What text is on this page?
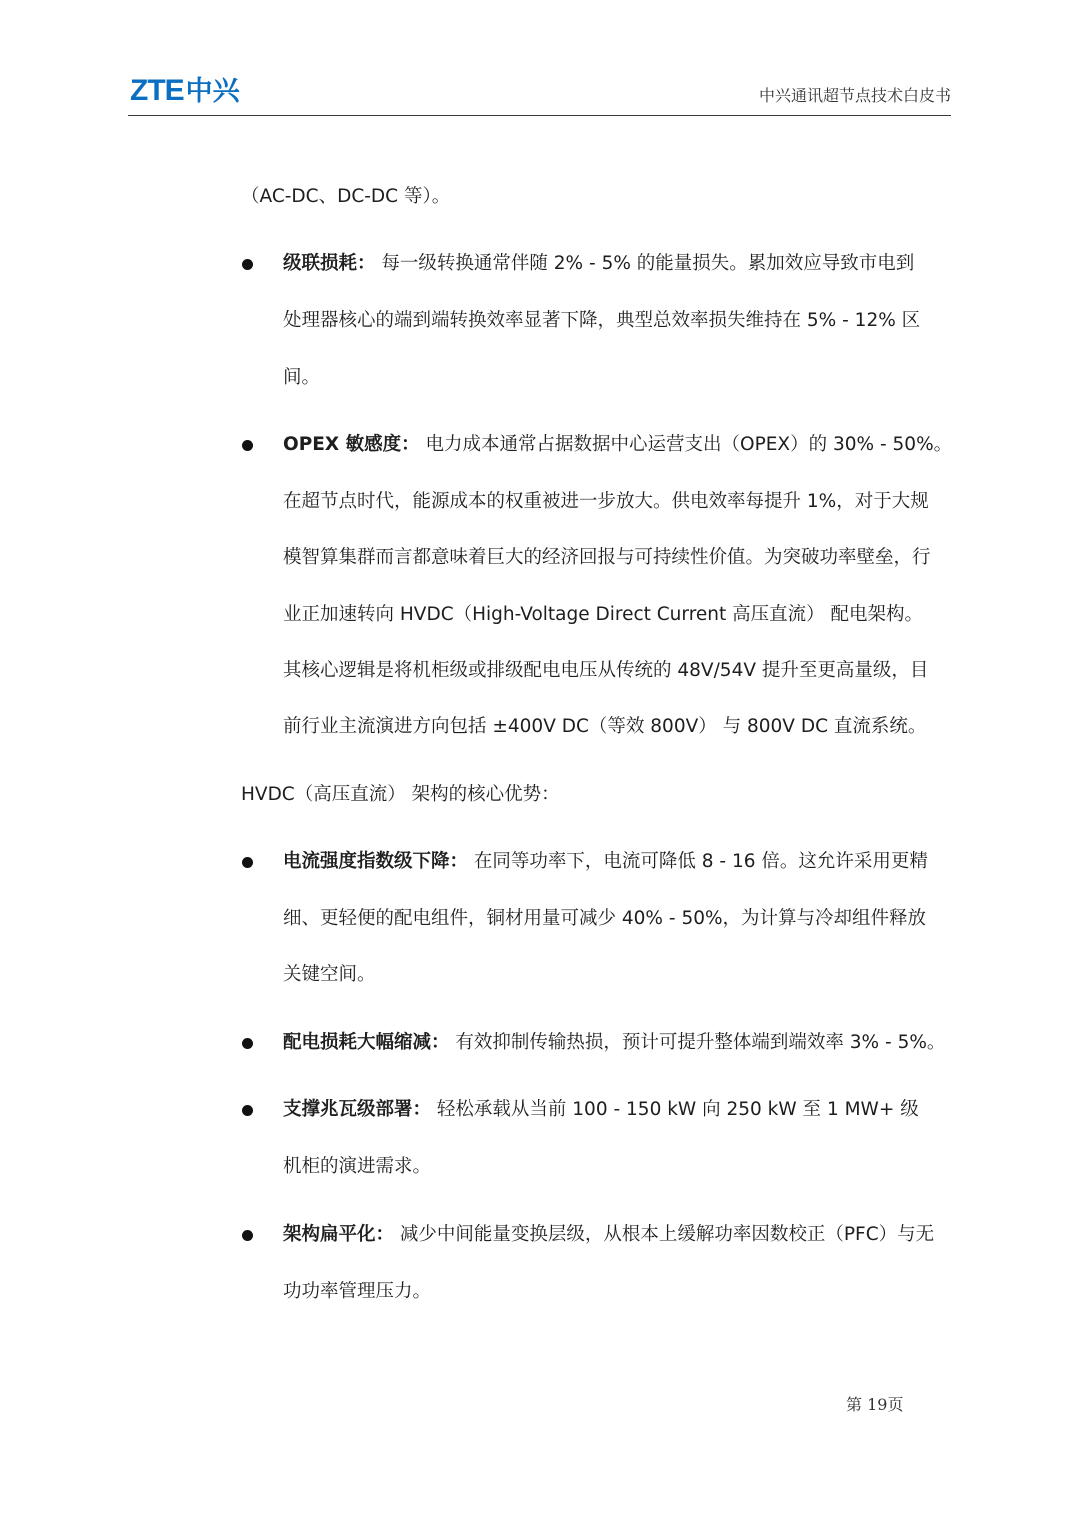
ZTE中兴	中兴通讯超节点技术白皮书
（AC-DC、DC-DC 等）。
级联损耗： 每一级转换通常伴随 2% - 5% 的能量损失。累加效应导致市电到
处理器核心的端到端转换效率显著下降，典型总效率损失维持在 5% - 12% 区
间。
OPEX 敏感度： 电力成本通常占据数据中心运营支出（OPEX）的 30% - 50%。
在超节点时代，能源成本的权重被进一步放大。供电效率每提升 1%，对于大规
模智算集群而言都意味着巨大的经济回报与可持续性价值。为突破功率壁垒，行
业正加速转向 HVDC（High-Voltage Direct Current 高压直流） 配电架构。
其核心逻辑是将机柜级或排级配电电压从传统的 48V/54V 提升至更高量级，目
前行业主流演进方向包括 ±400V DC（等效 800V） 与 800V DC 直流系统。
HVDC（高压直流） 架构的核心优势：
电流强度指数级下降： 在同等功率下，电流可降低 8 - 16 倍。这允许采用更精
细、更轻便的配电组件，铜材用量可减少 40% - 50%，为计算与冷却组件释放
关键空间。
配电损耗大幅缩减： 有效抑制传输热损，预计可提升整体端到端效率 3% - 5%。
支撑兆瓦级部署： 轻松承载从当前 100 - 150 kW 向 250 kW 至 1 MW+ 级
机柜的演进需求。
架构扁平化： 减少中间能量变换层级，从根本上缓解功率因数校正（PFC）与无
功功率管理压力。
第 19页
